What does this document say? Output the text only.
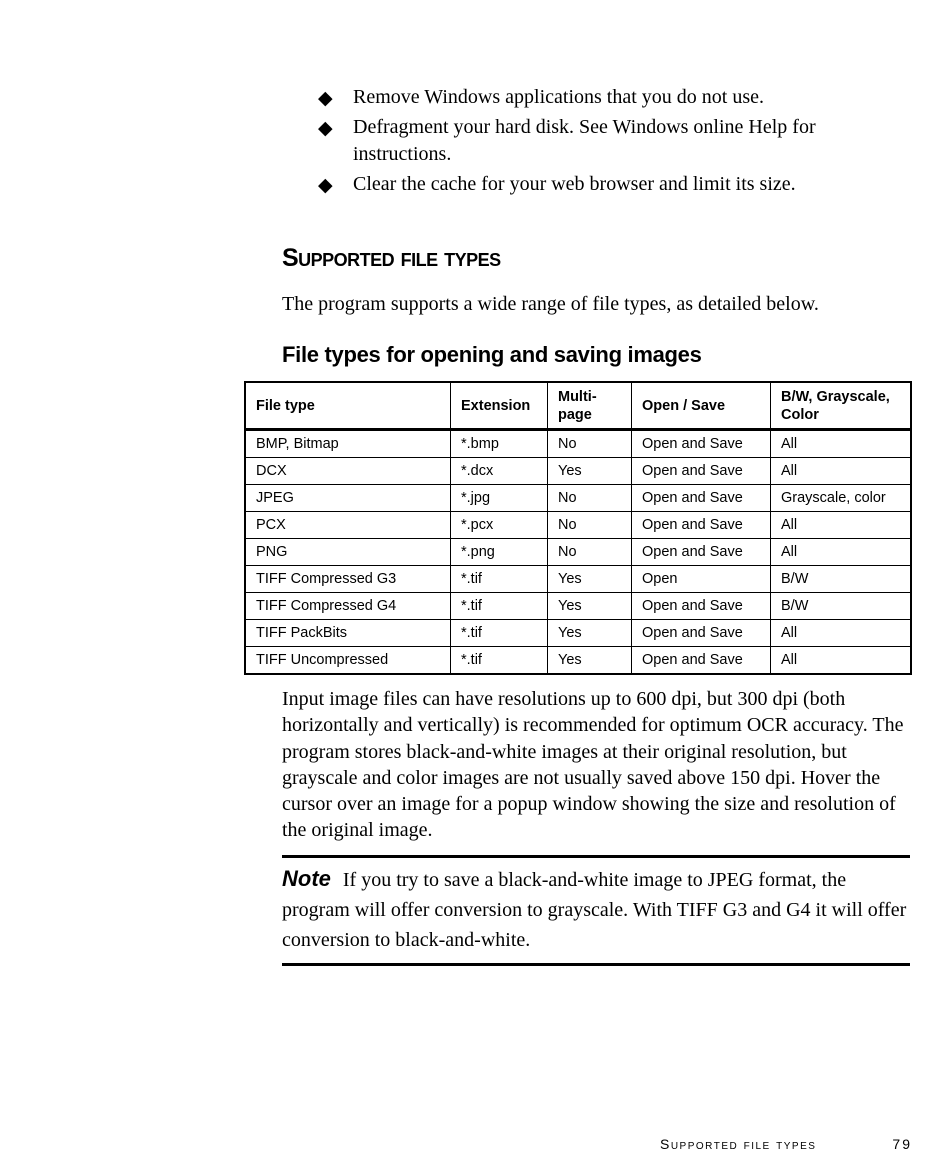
◆ Remove Windows applications that you do not use.
◆ Defragment your hard disk. See Windows online Help for instructions.
◆ Clear the cache for your web browser and limit its size.
Supported file types

The program supports a wide range of file types, as detailed below.

File types for opening and saving images
File type	Extension	Multi-page	Open / Save	B/W, Grayscale, Color
BMP, Bitmap	*.bmp	No	Open and Save	All
DCX	*.dcx	Yes	Open and Save	All
JPEG	*.jpg	No	Open and Save	Grayscale, color
PCX	*.pcx	No	Open and Save	All
PNG	*.png	No	Open and Save	All
TIFF Compressed G3	*.tif	Yes	Open	B/W
TIFF Compressed G4	*.tif	Yes	Open and Save	B/W
TIFF PackBits	*.tif	Yes	Open and Save	All
TIFF Uncompressed	*.tif	Yes	Open and Save	All

Input image files can have resolutions up to 600 dpi, but 300 dpi (both horizontally and vertically) is recommended for optimum OCR accuracy. The program stores black-and-white images at their original resolution, but grayscale and color images are not usually saved above 150 dpi. Hover the cursor over an image for a popup window showing the size and resolution of the original image.

Note If you try to save a black-and-white image to JPEG format, the program will offer conversion to grayscale. With TIFF G3 and G4 it will offer conversion to black-and-white.
Supported file types	79
